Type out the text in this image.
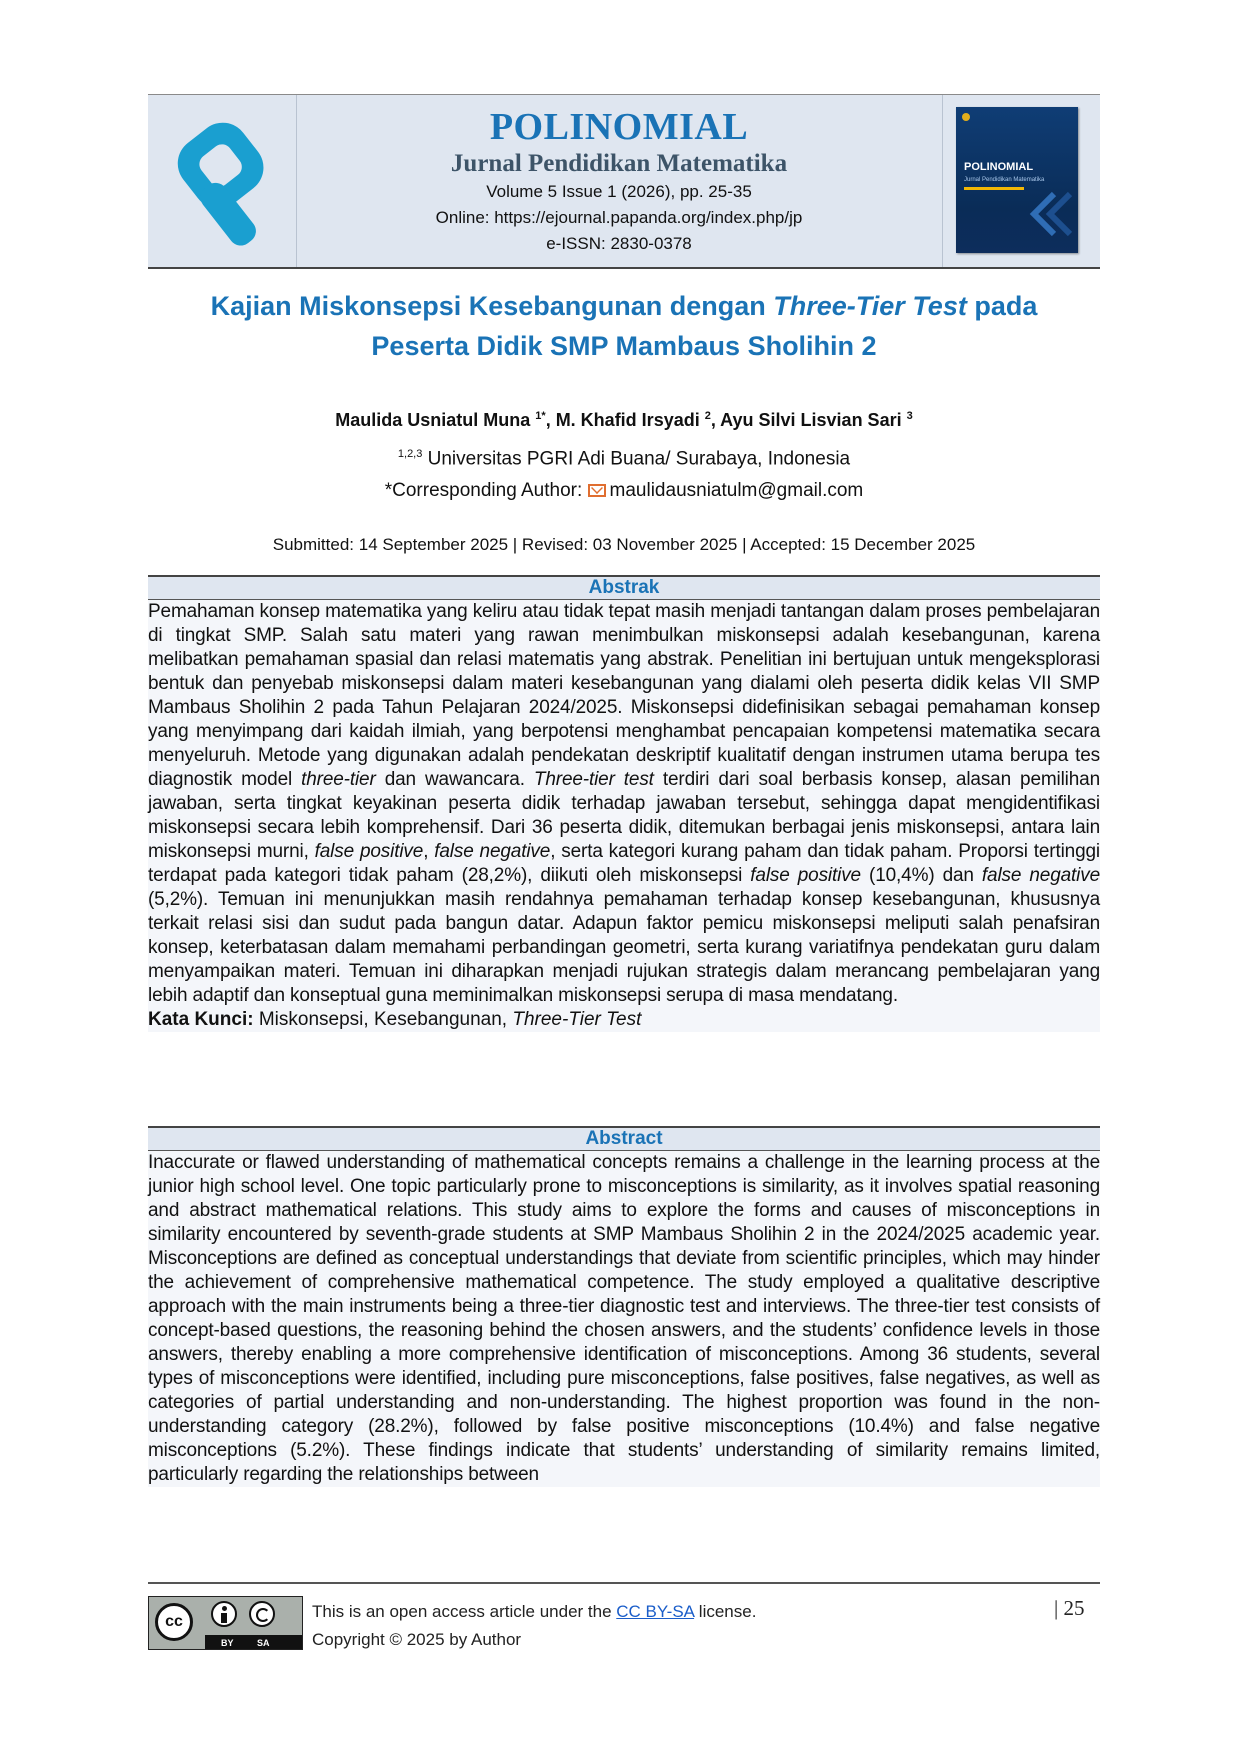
POLINOMIAL
Jurnal Pendidikan Matematika
Volume 5 Issue 1 (2026), pp. 25-35
Online: https://ejournal.papanda.org/index.php/jp
e-ISSN: 2830-0378
POLINOMIAL
Jurnal Pendidikan Matematika
Kajian Miskonsepsi Kesebangunan dengan Three-Tier Test pada
Peserta Didik SMP Mambaus Sholihin 2
Maulida Usniatul Muna $^{1*}$, M. Khafid Irsyadi $^2$, Ayu Silvi Lisvian Sari $^3$
$^{1,2,3}$ Universitas PGRI Adi Buana/ Surabaya, Indonesia
*Corresponding Author: maulidausniatulm@gmail.com
Submitted: 14 September 2025 | Revised: 03 November 2025 | Accepted: 15 December 2025
Abstrak
Pemahaman konsep matematika yang keliru atau tidak tepat masih menjadi tantangan dalam proses pembelajaran di tingkat SMP. Salah satu materi yang rawan menimbulkan miskonsepsi adalah kesebangunan, karena melibatkan pemahaman spasial dan relasi matematis yang abstrak. Penelitian ini bertujuan untuk mengeksplorasi bentuk dan penyebab miskonsepsi dalam materi kesebangunan yang dialami oleh peserta didik kelas VII SMP Mambaus Sholihin 2 pada Tahun Pelajaran 2024/2025. Miskonsepsi didefinisikan sebagai pemahaman konsep yang menyimpang dari kaidah ilmiah, yang berpotensi menghambat pencapaian kompetensi matematika secara menyeluruh. Metode yang digunakan adalah pendekatan deskriptif kualitatif dengan instrumen utama berupa tes diagnostik model three-tier dan wawancara. Three-tier test terdiri dari soal berbasis konsep, alasan pemilihan jawaban, serta tingkat keyakinan peserta didik terhadap jawaban tersebut, sehingga dapat mengidentifikasi miskonsepsi secara lebih komprehensif. Dari 36 peserta didik, ditemukan berbagai jenis miskonsepsi, antara lain miskonsepsi murni, false positive, false negative, serta kategori kurang paham dan tidak paham. Proporsi tertinggi terdapat pada kategori tidak paham (28,2%), diikuti oleh miskonsepsi false positive (10,4%) dan false negative (5,2%). Temuan ini menunjukkan masih rendahnya pemahaman terhadap konsep kesebangunan, khususnya terkait relasi sisi dan sudut pada bangun datar. Adapun faktor pemicu miskonsepsi meliputi salah penafsiran konsep, keterbatasan dalam memahami perbandingan geometri, serta kurang variatifnya pendekatan guru dalam menyampaikan materi. Temuan ini diharapkan menjadi rujukan strategis dalam merancang pembelajaran yang lebih adaptif dan konseptual guna meminimalkan miskonsepsi serupa di masa mendatang.
Kata Kunci: Miskonsepsi, Kesebangunan, Three-Tier Test
Abstract
Inaccurate or flawed understanding of mathematical concepts remains a challenge in the learning process at the junior high school level. One topic particularly prone to misconceptions is similarity, as it involves spatial reasoning and abstract mathematical relations. This study aims to explore the forms and causes of misconceptions in similarity encountered by seventh-grade students at SMP Mambaus Sholihin 2 in the 2024/2025 academic year. Misconceptions are defined as conceptual understandings that deviate from scientific principles, which may hinder the achievement of comprehensive mathematical competence. The study employed a qualitative descriptive approach with the main instruments being a three-tier diagnostic test and interviews. The three-tier test consists of concept-based questions, the reasoning behind the chosen answers, and the students’ confidence levels in those answers, thereby enabling a more comprehensive identification of misconceptions. Among 36 students, several types of misconceptions were identified, including pure misconceptions, false positives, false negatives, as well as categories of partial understanding and non-understanding. The highest proportion was found in the non-understanding category (28.2%), followed by false positive misconceptions (10.4%) and false negative misconceptions (5.2%). These findings indicate that students’ understanding of similarity remains limited, particularly regarding the relationships between
cc
BY	SA
This is an open access article under the CC BY-SA license.
Copyright © 2025 by Author
| 25
